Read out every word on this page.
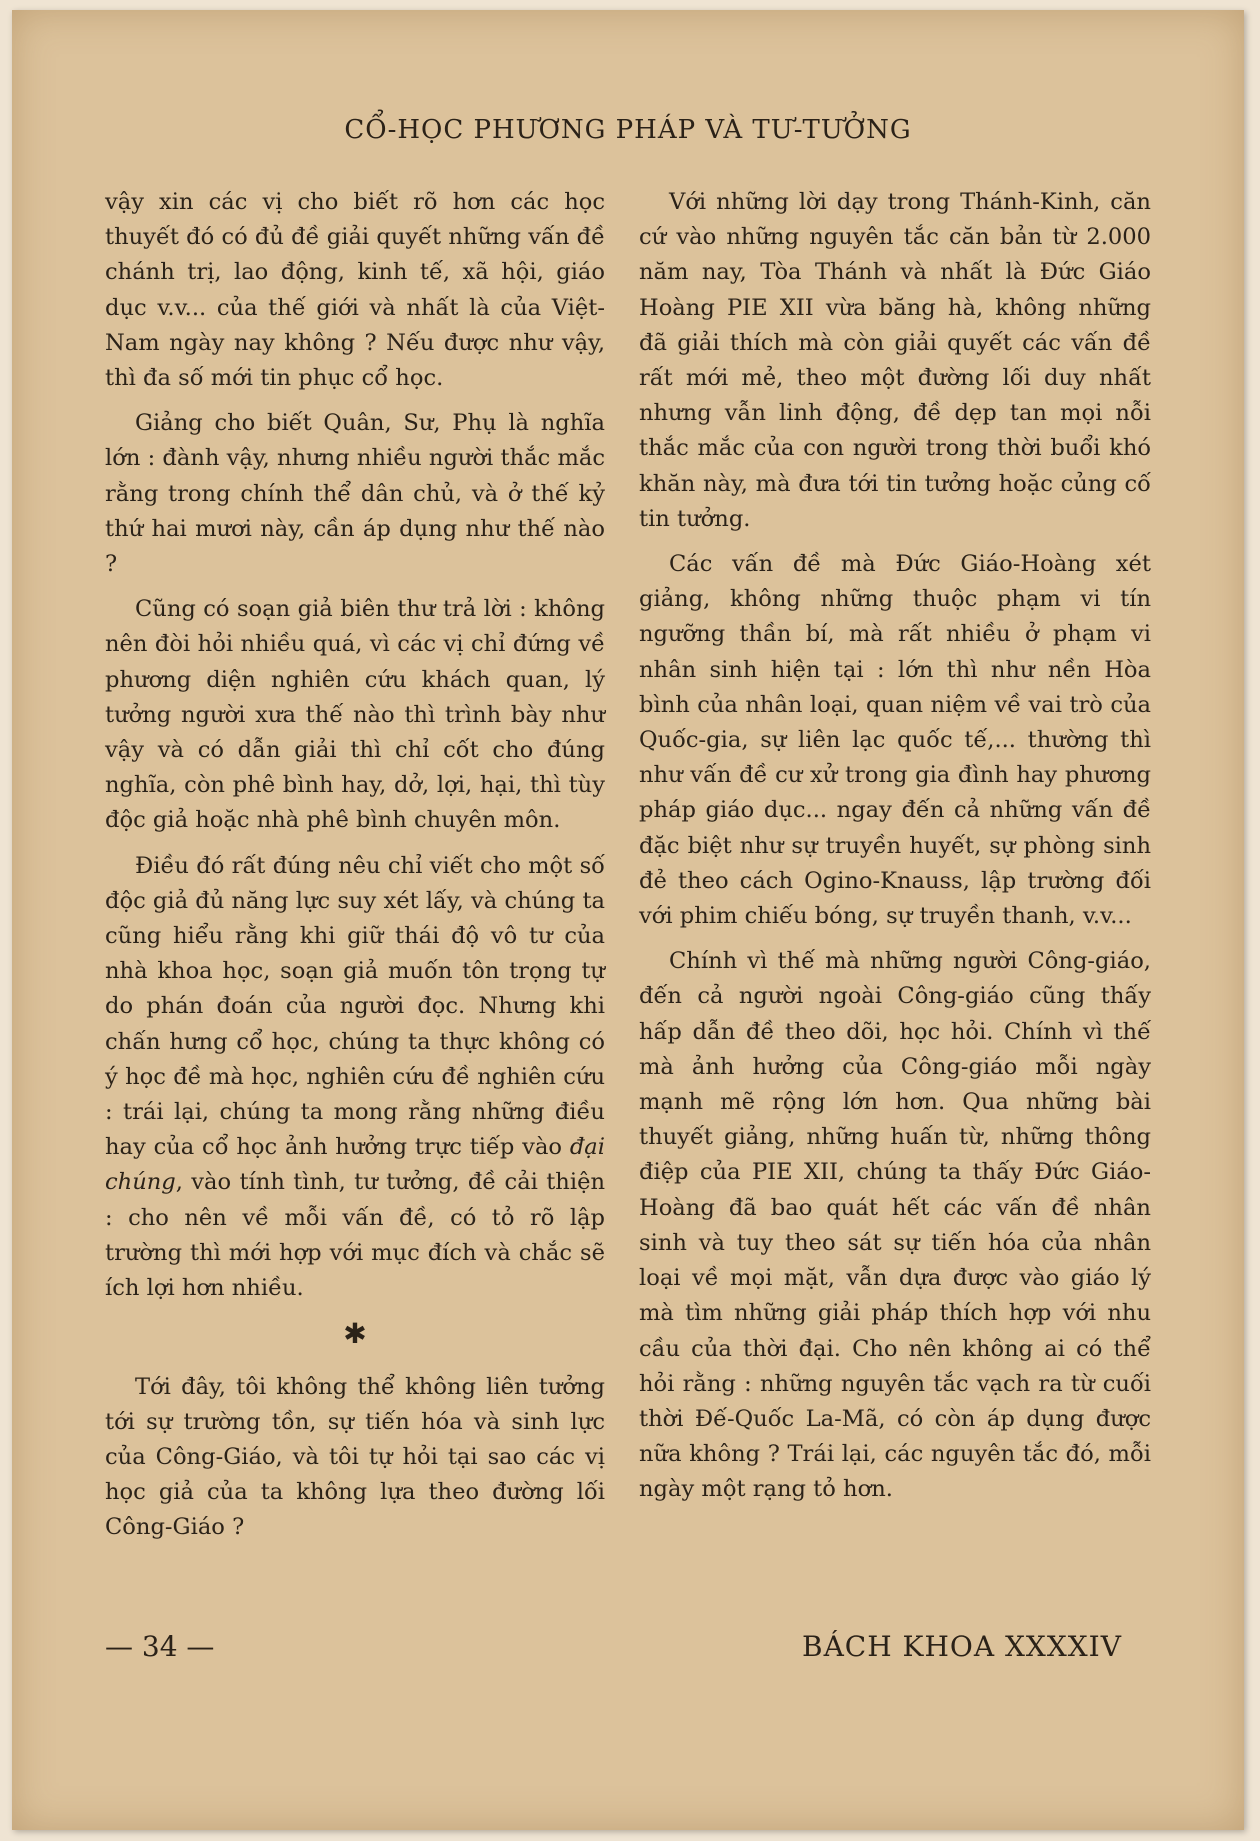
CỔ-HỌC PHƯƠNG PHÁP VÀ TƯ-TƯỞNG

vậy xin các vị cho biết rõ hơn các học thuyết đó có đủ đề giải quyết những vấn đề chánh trị, lao động, kinh tế, xã hội, giáo dục v.v... của thế giới và nhất là của Việt-Nam ngày nay không ? Nếu được như vậy, thì đa số mới tin phục cổ học.

Giảng cho biết Quân, Sư, Phụ là nghĩa lớn : đành vậy, nhưng nhiều người thắc mắc rằng trong chính thể dân chủ, và ở thế kỷ thứ hai mươi này, cần áp dụng như thế nào ?

Cũng có soạn giả biên thư trả lời : không nên đòi hỏi nhiều quá, vì các vị chỉ đứng về phương diện nghiên cứu khách quan, lý tưởng người xưa thế nào thì trình bày như vậy và có dẫn giải thì chỉ cốt cho đúng nghĩa, còn phê bình hay, dở, lợi, hại, thì tùy độc giả hoặc nhà phê bình chuyên môn.

Điều đó rất đúng nêu chỉ viết cho một số độc giả đủ năng lực suy xét lấy, và chúng ta cũng hiểu rằng khi giữ thái độ vô tư của nhà khoa học, soạn giả muốn tôn trọng tự do phán đoán của người đọc. Nhưng khi chấn hưng cổ học, chúng ta thực không có ý học đề mà học, nghiên cứu đề nghiên cứu : trái lại, chúng ta mong rằng những điều hay của cổ học ảnh hưởng trực tiếp vào đại chúng, vào tính tình, tư tưởng, đề cải thiện : cho nên về mỗi vấn đề, có tỏ rõ lập trường thì mới hợp với mục đích và chắc sẽ ích lợi hơn nhiều.

✱

Tới đây, tôi không thể không liên tưởng tới sự trường tồn, sự tiến hóa và sinh lực của Công-Giáo, và tôi tự hỏi tại sao các vị học giả của ta không lựa theo đường lối Công-Giáo ?

Với những lời dạy trong Thánh-Kinh, căn cứ vào những nguyên tắc căn bản từ 2.000 năm nay, Tòa Thánh và nhất là Đức Giáo Hoàng PIE XII vừa băng hà, không những đã giải thích mà còn giải quyết các vấn đề rất mới mẻ, theo một đường lối duy nhất nhưng vẫn linh động, đề dẹp tan mọi nỗi thắc mắc của con người trong thời buổi khó khăn này, mà đưa tới tin tưởng hoặc củng cố tin tưởng.

Các vấn đề mà Đức Giáo-Hoàng xét giảng, không những thuộc phạm vi tín ngưỡng thần bí, mà rất nhiều ở phạm vi nhân sinh hiện tại : lớn thì như nền Hòa bình của nhân loại, quan niệm về vai trò của Quốc-gia, sự liên lạc quốc tế,... thường thì như vấn đề cư xử trong gia đình hay phương pháp giáo dục... ngay đến cả những vấn đề đặc biệt như sự truyền huyết, sự phòng sinh đẻ theo cách Ogino-Knauss, lập trường đối với phim chiếu bóng, sự truyền thanh, v.v...

Chính vì thế mà những người Công-giáo, đến cả người ngoài Công-giáo cũng thấy hấp dẫn đề theo dõi, học hỏi. Chính vì thế mà ảnh hưởng của Công-giáo mỗi ngày mạnh mẽ rộng lớn hơn. Qua những bài thuyết giảng, những huấn từ, những thông điệp của PIE XII, chúng ta thấy Đức Giáo-Hoàng đã bao quát hết các vấn đề nhân sinh và tuy theo sát sự tiến hóa của nhân loại về mọi mặt, vẫn dựa được vào giáo lý mà tìm những giải pháp thích hợp với nhu cầu của thời đại. Cho nên không ai có thể hỏi rằng : những nguyên tắc vạch ra từ cuối thời Đế-Quốc La-Mã, có còn áp dụng được nữa không ? Trái lại, các nguyên tắc đó, mỗi ngày một rạng tỏ hơn.

— 34 —	BÁCH KHOA XXXXIV
